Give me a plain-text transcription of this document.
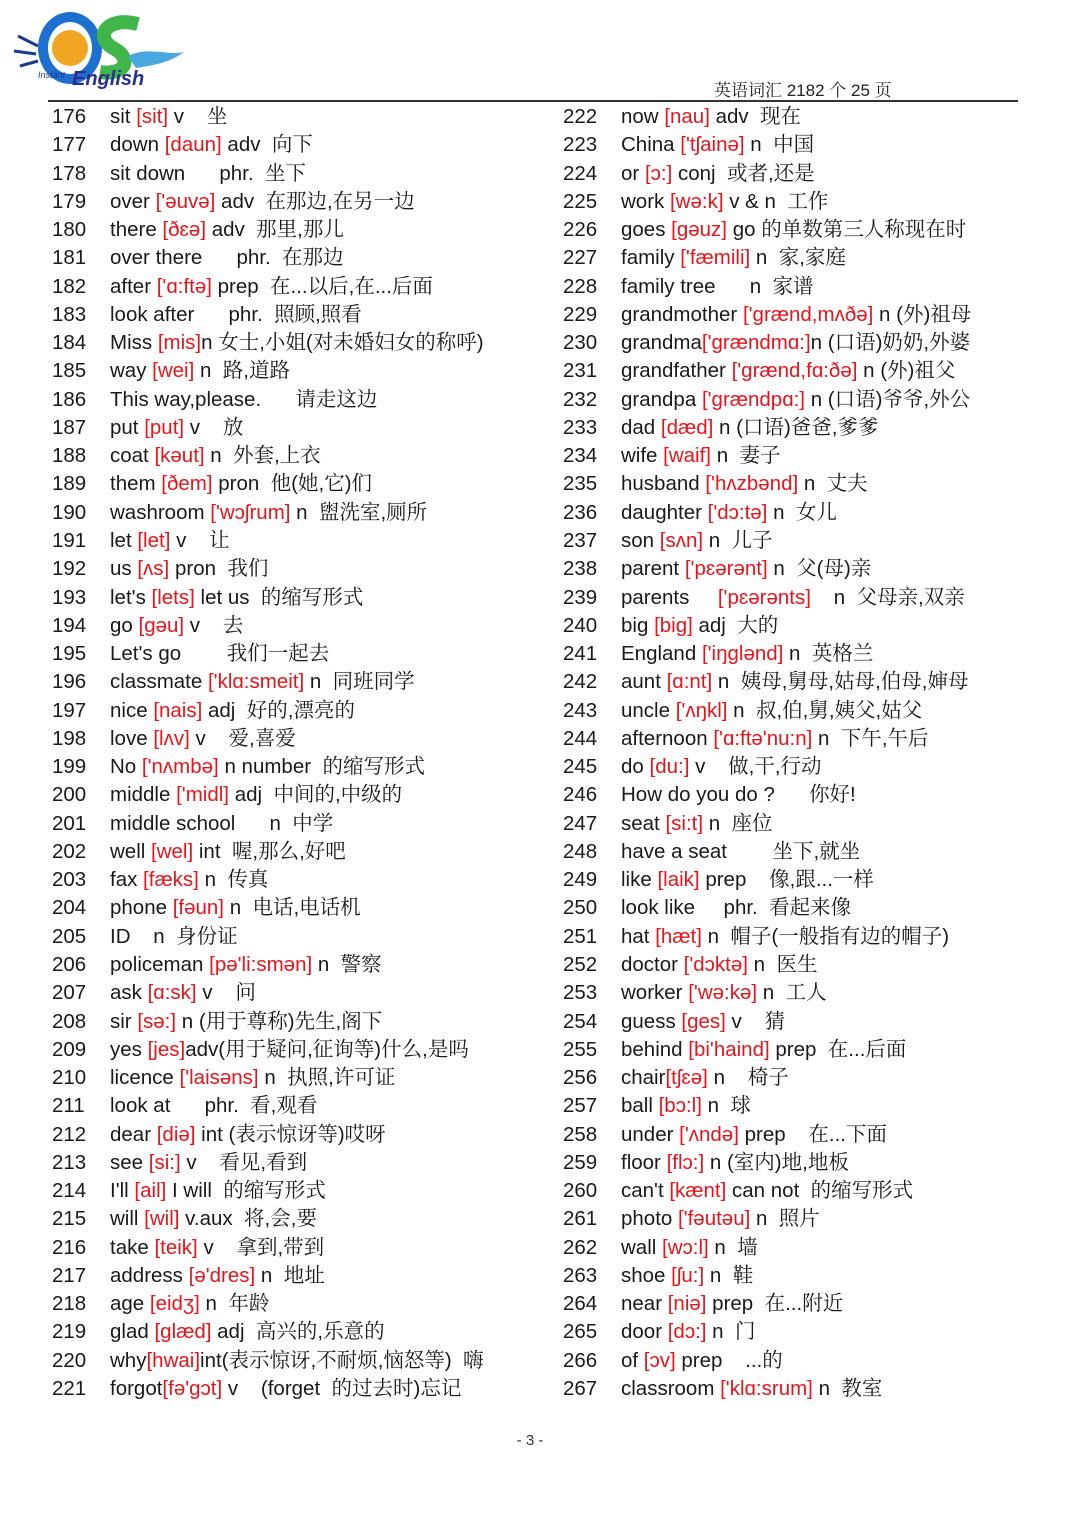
Instant English
英语词汇 2182 个 25 页
176 sit [sit] v    坐
177 down [daun] adv  向下
178 sit down      phr.  坐下
179 over ['əuvə] adv  在那边,在另一边
180 there [ðɛə] adv  那里,那儿
181 over there      phr.  在那边
182 after ['ɑ:ftə] prep  在...以后,在...后面
183 look after      phr.  照顾,照看
184 Miss [mis]n 女士,小姐(对未婚妇女的称呼)
185 way [wei] n  路,道路
186 This way,please.      请走这边
187 put [put] v    放
188 coat [kəut] n  外套,上衣
189 them [ðem] pron  他(她,它)们
190 washroom ['wɔʃrum] n  盥洗室,厕所
191 let [let] v    让
192 us [ʌs] pron  我们
193 let's [lets] let us  的缩写形式
194 go [gəu] v    去
195 Let's go        我们一起去
196 classmate ['klɑ:smeit] n  同班同学
197 nice [nais] adj  好的,漂亮的
198 love [lʌv] v    爱,喜爱
199 No ['nʌmbə] n number  的缩写形式
200 middle ['midl] adj  中间的,中级的
201 middle school      n  中学
202 well [wel] int  喔,那么,好吧
203 fax [fæks] n  传真
204 phone [fəun] n  电话,电话机
205 ID    n  身份证
206 policeman [pə'li:smən] n  警察
207 ask [ɑ:sk] v    问
208 sir [sə:] n (用于尊称)先生,阁下
209 yes [jes]adv(用于疑问,征询等)什么,是吗
210 licence ['laisəns] n  执照,许可证
211 look at      phr.  看,观看
212 dear [diə] int (表示惊讶等)哎呀
213 see [si:] v    看见,看到
214 I'll [ail] I will  的缩写形式
215 will [wil] v.aux  将,会,要
216 take [teik] v    拿到,带到
217 address [ə'dres] n  地址
218 age [eidʒ] n  年龄
219 glad [glæd] adj  高兴的,乐意的
220 why[hwai]int(表示惊讶,不耐烦,恼怒等)  嗨
221 forgot[fə'gɔt] v    (forget  的过去时)忘记
222 now [nau] adv  现在
223 China ['tʃainə] n  中国
224 or [ɔ:] conj  或者,还是
225 work [wə:k] v & n  工作
226 goes [gəuz] go 的单数第三人称现在时
227 family ['fæmili] n  家,家庭
228 family tree      n  家谱
229 grandmother ['grænd,mʌðə] n (外)祖母
230 grandma['grændmɑ:]n (口语)奶奶,外婆
231 grandfather ['grænd,fɑ:ðə] n (外)祖父
232 grandpa ['grændpɑ:] n (口语)爷爷,外公
233 dad [dæd] n (口语)爸爸,爹爹
234 wife [waif] n  妻子
235 husband ['hʌzbənd] n  丈夫
236 daughter ['dɔ:tə] n  女儿
237 son [sʌn] n  儿子
238 parent ['pɛərənt] n  父(母)亲
239 parents     ['pɛərənts]    n  父母亲,双亲
240 big [big] adj  大的
241 England ['iŋglənd] n  英格兰
242 aunt [ɑ:nt] n  姨母,舅母,姑母,伯母,婶母
243 uncle ['ʌŋkl] n  叔,伯,舅,姨父,姑父
244 afternoon ['ɑ:ftə'nu:n] n  下午,午后
245 do [du:] v    做,干,行动
246 How do you do ?      你好!
247 seat [si:t] n  座位
248 have a seat        坐下,就坐
249 like [laik] prep    像,跟...一样
250 look like     phr.  看起来像
251 hat [hæt] n  帽子(一般指有边的帽子)
252 doctor ['dɔktə] n  医生
253 worker ['wə:kə] n  工人
254 guess [ges] v    猜
255 behind [bi'haind] prep  在...后面
256 chair[tʃɛə] n    椅子
257 ball [bɔ:l] n  球
258 under ['ʌndə] prep    在...下面
259 floor [flɔ:] n (室内)地,地板
260 can't [kænt] can not  的缩写形式
261 photo ['fəutəu] n  照片
262 wall [wɔ:l] n  墙
263 shoe [ʃu:] n  鞋
264 near [niə] prep  在...附近
265 door [dɔ:] n  门
266 of [ɔv] prep    ...的
267 classroom ['klɑ:srum] n  教室
- 3 -
